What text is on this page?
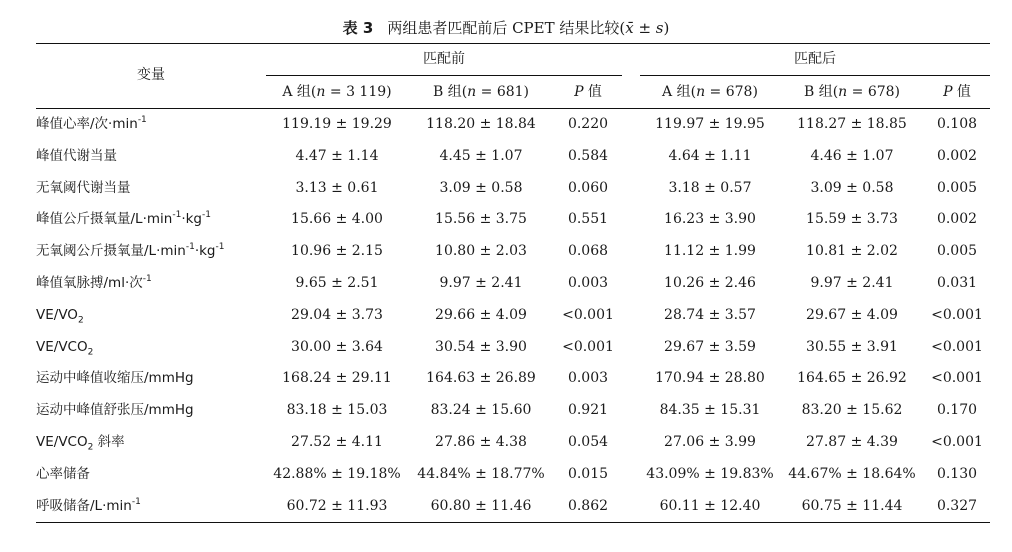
表 3 两组患者匹配前后 CPET 结果比较(x̄ ± s)
变量
匹配前	匹配后
A 组(n = 3 119)	B 组(n = 681)	P 值	A 组(n = 678)	B 组(n = 678)	P 值
峰值心率/次$\cdot\min^{-1}$	119.19 ± 19.29	118.20 ± 18.84	0.220	119.97 ± 19.95	118.27 ± 18.85	0.108
峰值代谢当量	4.47 ± 1.14	4.45 ± 1.07	0.584	4.64 ± 1.11	4.46 ± 1.07	0.002
无氧阈代谢当量	3.13 ± 0.61	3.09 ± 0.58	0.060	3.18 ± 0.57	3.09 ± 0.58	0.005
峰值公斤摄氧量$/L\cdot\min^{-1}\cdot kg^{-1}$	15.66 ± 4.00	15.56 ± 3.75	0.551	16.23 ± 3.90	15.59 ± 3.73	0.002
无氧阈公斤摄氧量$/L\cdot\min^{-1}\cdot kg^{-1}$	10.96 ± 2.15	10.80 ± 2.03	0.068	11.12 ± 1.99	10.81 ± 2.02	0.005
峰值氧脉搏/ml·次$^{-1}$	9.65 ± 2.51	9.97 ± 2.41	0.003	10.26 ± 2.46	9.97 ± 2.41	0.031
$VE/VO_2$	29.04 ± 3.73	29.66 ± 4.09	<0.001	28.74 ± 3.57	29.67 ± 4.09	<0.001
$VE/VCO_2$	30.00 ± 3.64	30.54 ± 3.90	<0.001	29.67 ± 3.59	30.55 ± 3.91	<0.001
运动中峰值收缩压/mmHg	168.24 ± 29.11	164.63 ± 26.89	0.003	170.94 ± 28.80	164.65 ± 26.92	<0.001
运动中峰值舒张压/mmHg	83.18 ± 15.03	83.24 ± 15.60	0.921	84.35 ± 15.31	83.20 ± 15.62	0.170
$VE/VCO_2$ 斜率	27.52 ± 4.11	27.86 ± 4.38	0.054	27.06 ± 3.99	27.87 ± 4.39	<0.001
心率储备	42.88% ± 19.18%	44.84% ± 18.77%	0.015	43.09% ± 19.83%	44.67% ± 18.64%	0.130
呼吸储备$/L\cdot\min^{-1}$	60.72 ± 11.93	60.80 ± 11.46	0.862	60.11 ± 12.40	60.75 ± 11.44	0.327
